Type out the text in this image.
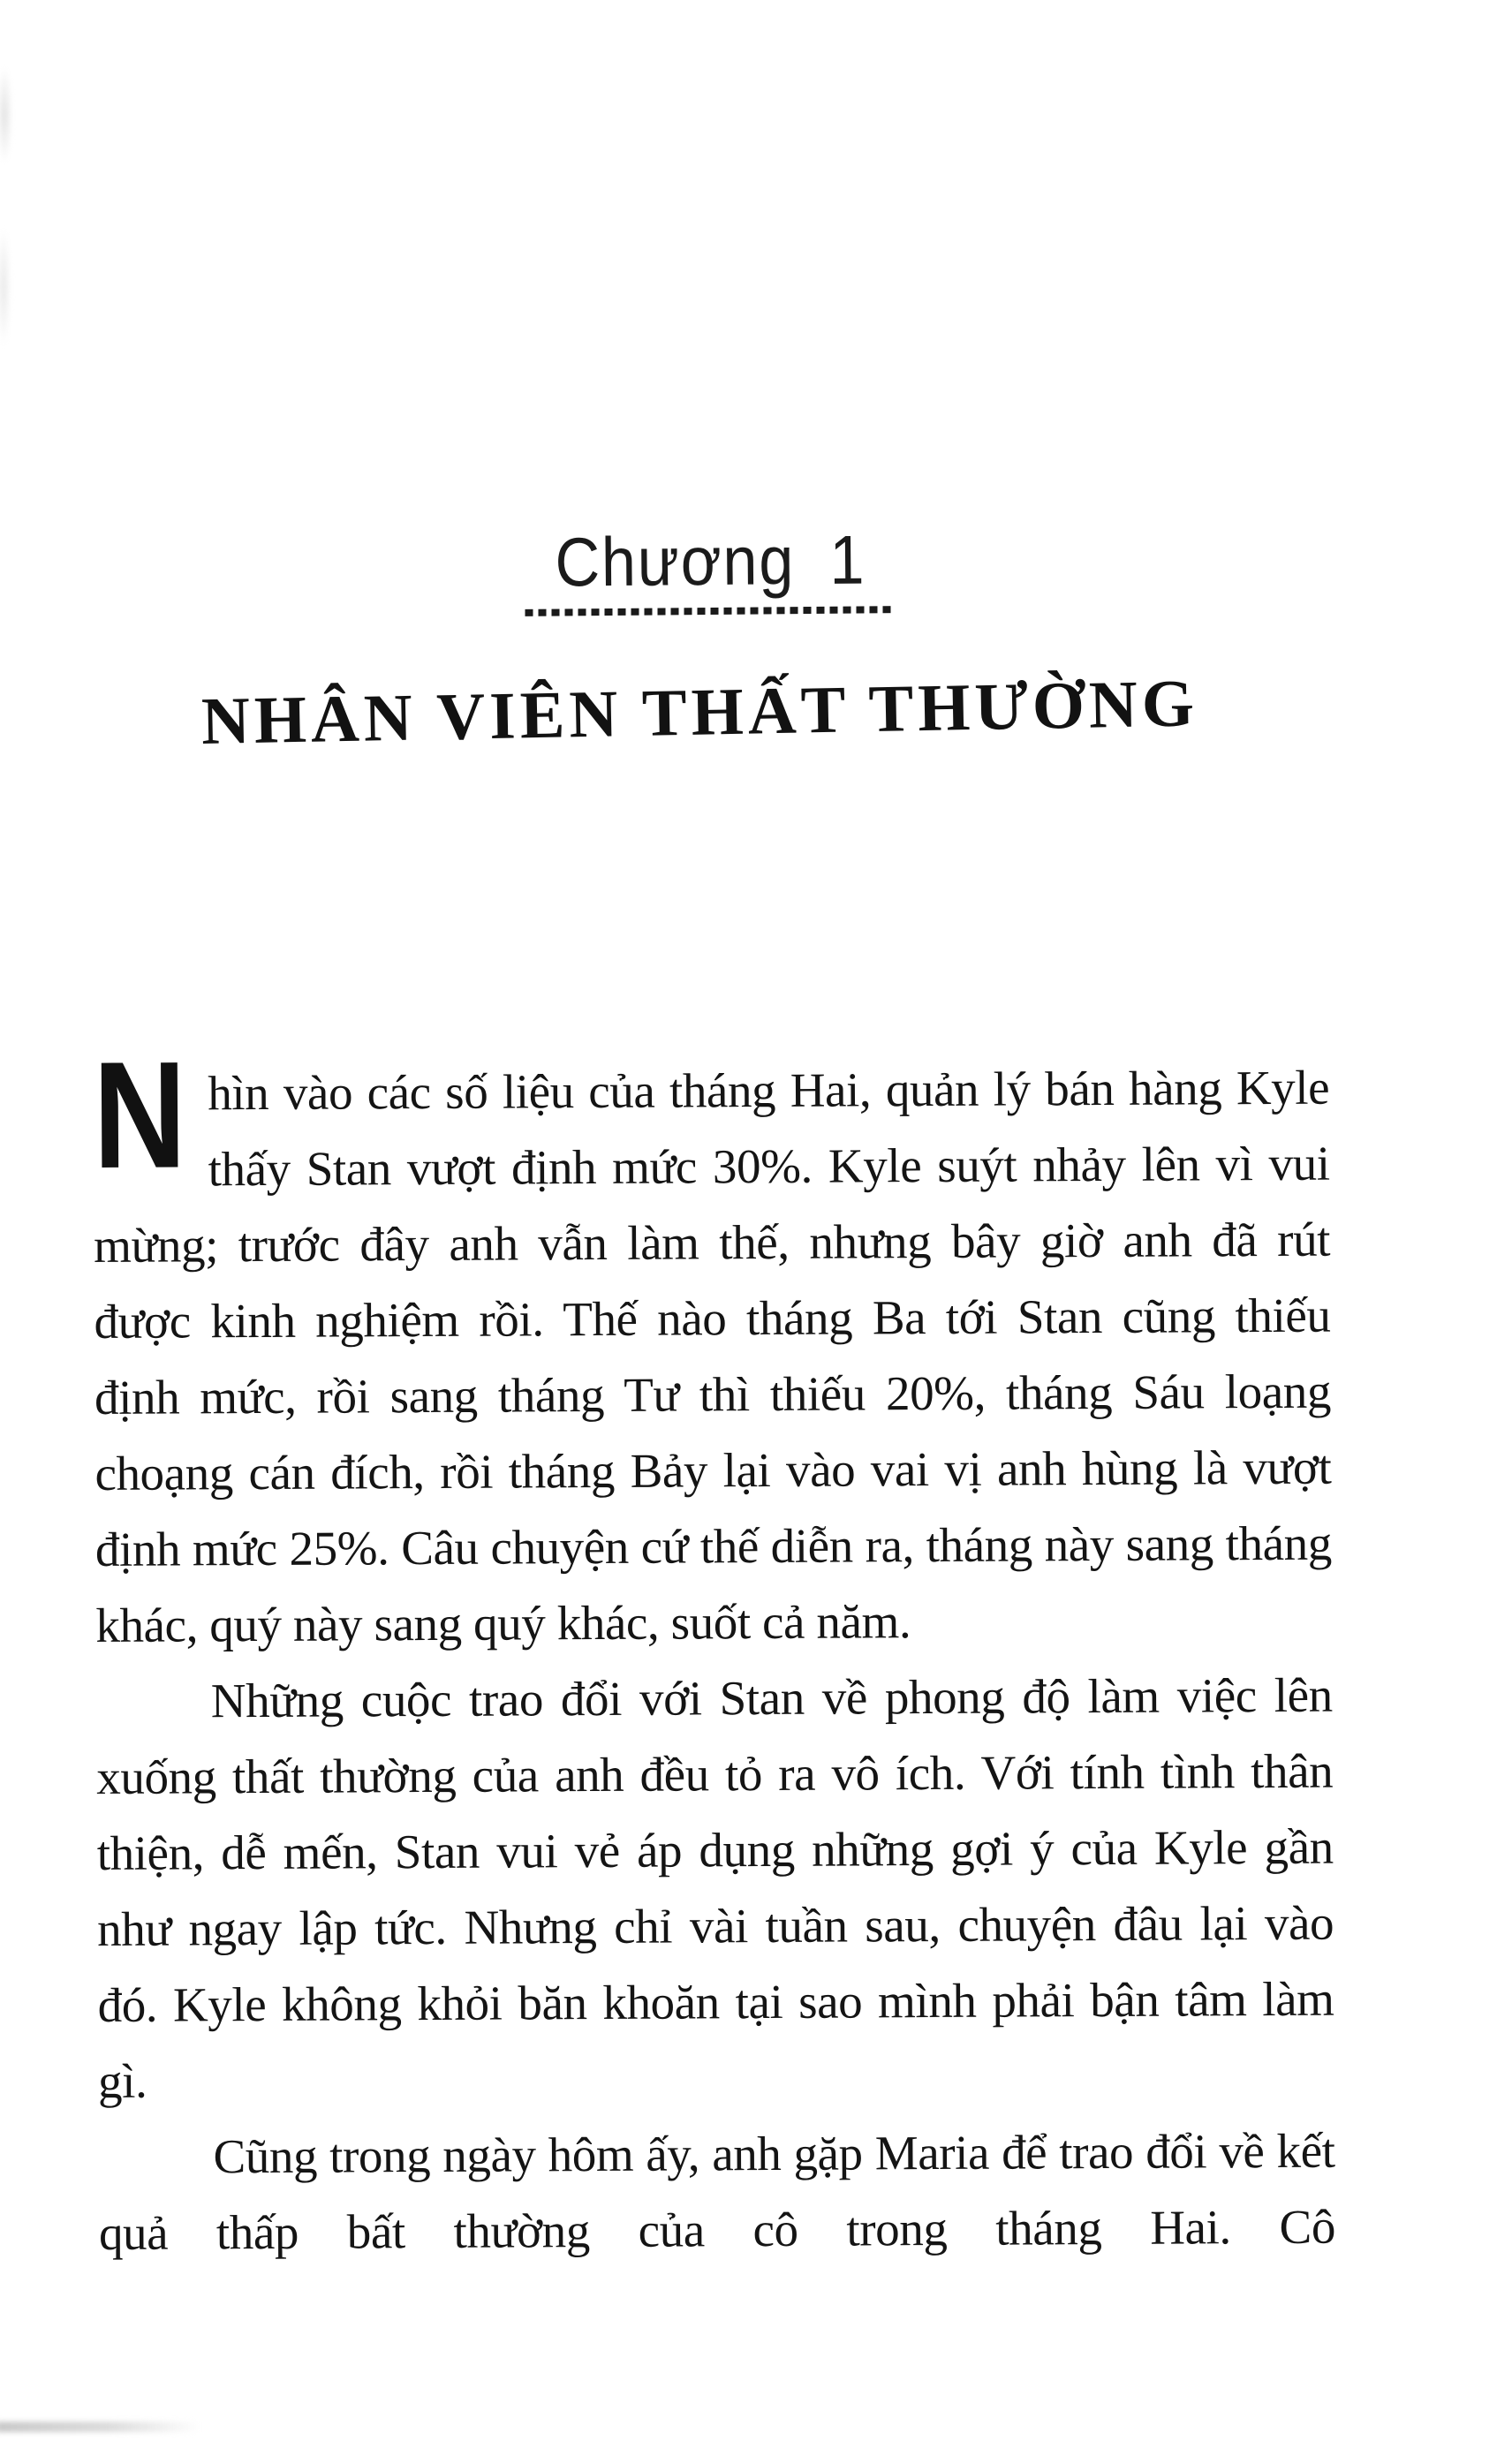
Chương 1
NHÂN VIÊN THẤT THƯỜNG

Nhìn vào các số liệu của tháng Hai, quản lý bán hàng Kyle thấy Stan vượt định mức 30%. Kyle suýt nhảy lên vì vui mừng; trước đây anh vẫn làm thế, nhưng bây giờ anh đã rút được kinh nghiệm rồi. Thế nào tháng Ba tới Stan cũng thiếu định mức, rồi sang tháng Tư thì thiếu 20%, tháng Sáu loạng choạng cán đích, rồi tháng Bảy lại vào vai vị anh hùng là vượt định mức 25%. Câu chuyện cứ thế diễn ra, tháng này sang tháng khác, quý này sang quý khác, suốt cả năm.

Những cuộc trao đổi với Stan về phong độ làm việc lên xuống thất thường của anh đều tỏ ra vô ích. Với tính tình thân thiện, dễ mến, Stan vui vẻ áp dụng những gợi ý của Kyle gần như ngay lập tức. Nhưng chỉ vài tuần sau, chuyện đâu lại vào đó. Kyle không khỏi băn khoăn tại sao mình phải bận tâm làm gì.

Cũng trong ngày hôm ấy, anh gặp Maria để trao đổi về kết quả thấp bất thường của cô trong tháng Hai. Cô
